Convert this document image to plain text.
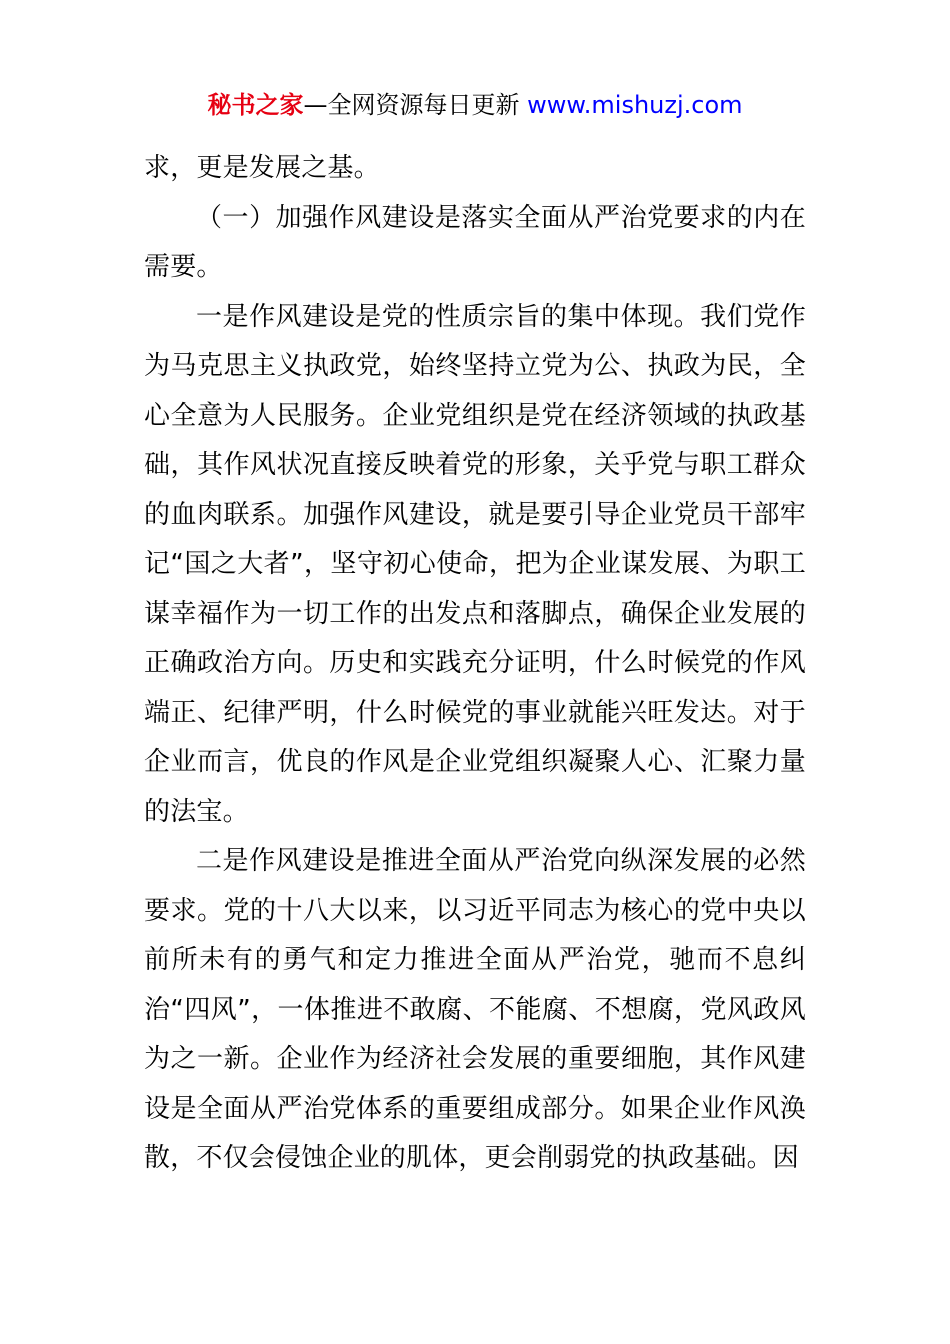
秘书之家—全网资源每日更新 www.mishuzj.com

求，更是发展之基。

（一）加强作风建设是落实全面从严治党要求的内在需要。

一是作风建设是党的性质宗旨的集中体现。我们党作为马克思主义执政党，始终坚持立党为公、执政为民，全心全意为人民服务。企业党组织是党在经济领域的执政基础，其作风状况直接反映着党的形象，关乎党与职工群众的血肉联系。加强作风建设，就是要引导企业党员干部牢记“国之大者”，坚守初心使命，把为企业谋发展、为职工谋幸福作为一切工作的出发点和落脚点，确保企业发展的正确政治方向。历史和实践充分证明，什么时候党的作风端正、纪律严明，什么时候党的事业就能兴旺发达。对于企业而言，优良的作风是企业党组织凝聚人心、汇聚力量的法宝。

二是作风建设是推进全面从严治党向纵深发展的必然要求。党的十八大以来，以习近平同志为核心的党中央以前所未有的勇气和定力推进全面从严治党，驰而不息纠治“四风”，一体推进不敢腐、不能腐、不想腐，党风政风为之一新。企业作为经济社会发展的重要细胞，其作风建设是全面从严治党体系的重要组成部分。如果企业作风涣散，不仅会侵蚀企业的肌体，更会削弱党的执政基础。因
